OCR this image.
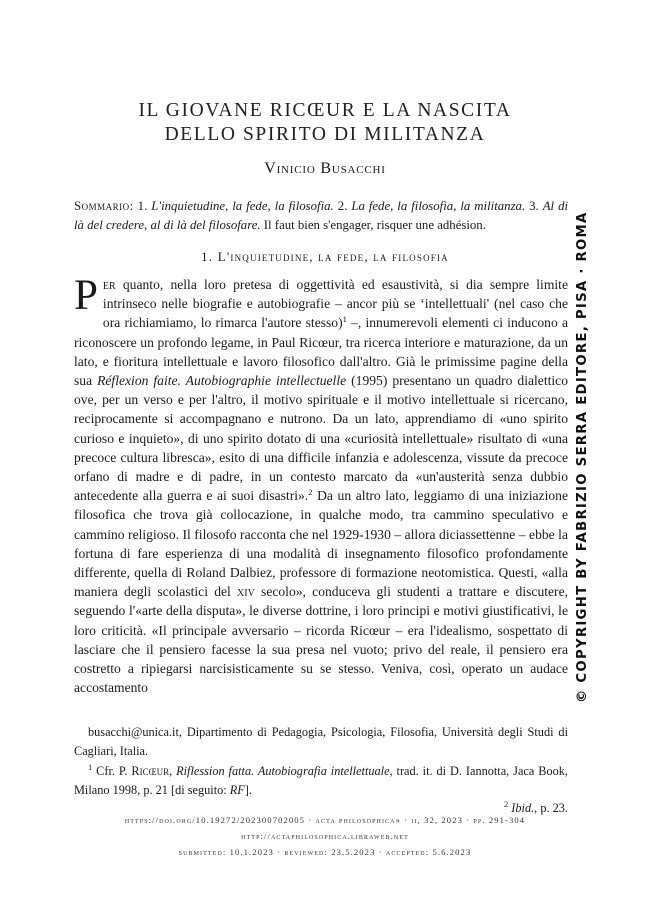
IL GIOVANE RICŒUR E LA NASCITA
DELLO SPIRITO DI MILITANZA
Vinicio Busacchi
Sommario: 1. L'inquietudine, la fede, la filosofia. 2. La fede, la filosofia, la militanza. 3. Al di là del credere, al di là del filosofare. Il faut bien s'engager, risquer une adhésion.
1. L'inquietudine, la fede, la filosofia
Per quanto, nella loro pretesa di oggettività ed esaustività, si dia sempre limite intrinseco nelle biografie e autobiografie – ancor più se ‘intellettuali' (nel caso che ora richiamiamo, lo rimarca l'autore stesso)$^1$ –, innumerevoli elementi ci inducono a riconoscere un profondo legame, in Paul Ricœur, tra ricerca interiore e maturazione, da un lato, e fioritura intellettuale e lavoro filosofico dall'altro. Già le primissime pagine della sua Réflexion faite. Autobiographie intellectuelle (1995) presentano un quadro dialettico ove, per un verso e per l'altro, il motivo spirituale e il motivo intellettuale si ricercano, reciprocamente si accompagnano e nutrono. Da un lato, apprendiamo di «uno spirito curioso e inquieto», di uno spirito dotato di una «curiosità intellettuale» risultato di «una precoce cultura libresca», esito di una difficile infanzia e adolescenza, vissute da precoce orfano di madre e di padre, in un contesto marcato da «un'austerità senza dubbio antecedente alla guerra e ai suoi disastri».$^2$ Da un altro lato, leggiamo di una iniziazione filosofica che trova già collocazione, in qualche modo, tra cammino speculativo e cammino religioso. Il filosofo racconta che nel 1929-1930 – allora diciassettenne – ebbe la fortuna di fare esperienza di una modalità di insegnamento filosofico profondamente differente, quella di Roland Dalbiez, professore di formazione neotomistica. Questi, «alla maniera degli scolastici del xiv secolo», conduceva gli studenti a trattare e discutere, seguendo l'«arte della disputa», le diverse dottrine, i loro principi e motivi giustificativi, le loro criticità. «Il principale avversario – ricorda Ricœur – era l'idealismo, sospettato di lasciare che il pensiero facesse la sua presa nel vuoto; privo del reale, il pensiero era costretto a ripiegarsi narcisisticamente su se stesso. Veniva, così, operato un audace accostamento

busacchi@unica.it, Dipartimento di Pedagogia, Psicologia, Filosofia, Università degli Studi di Cagliari, Italia.

$^1$ Cfr. P. Ricœur, Riflession fatta. Autobiografia intellettuale, trad. it. di D. Iannotta, Jaca Book, Milano 1998, p. 21 [di seguito: RF].
$^2$ Ibid., p. 23.

https://doi.org/10.19272/202300702005 · acta philosophica» · ii, 32, 2023 · pp. 291-304
http://actaphilosophica.libraweb.net
submitted: 10.1.2023 · reviewed: 23.5.2023 · accepted: 5.6.2023
© COPYRIGHT BY FABRIZIO SERRA EDITORE, PISA · ROMA
